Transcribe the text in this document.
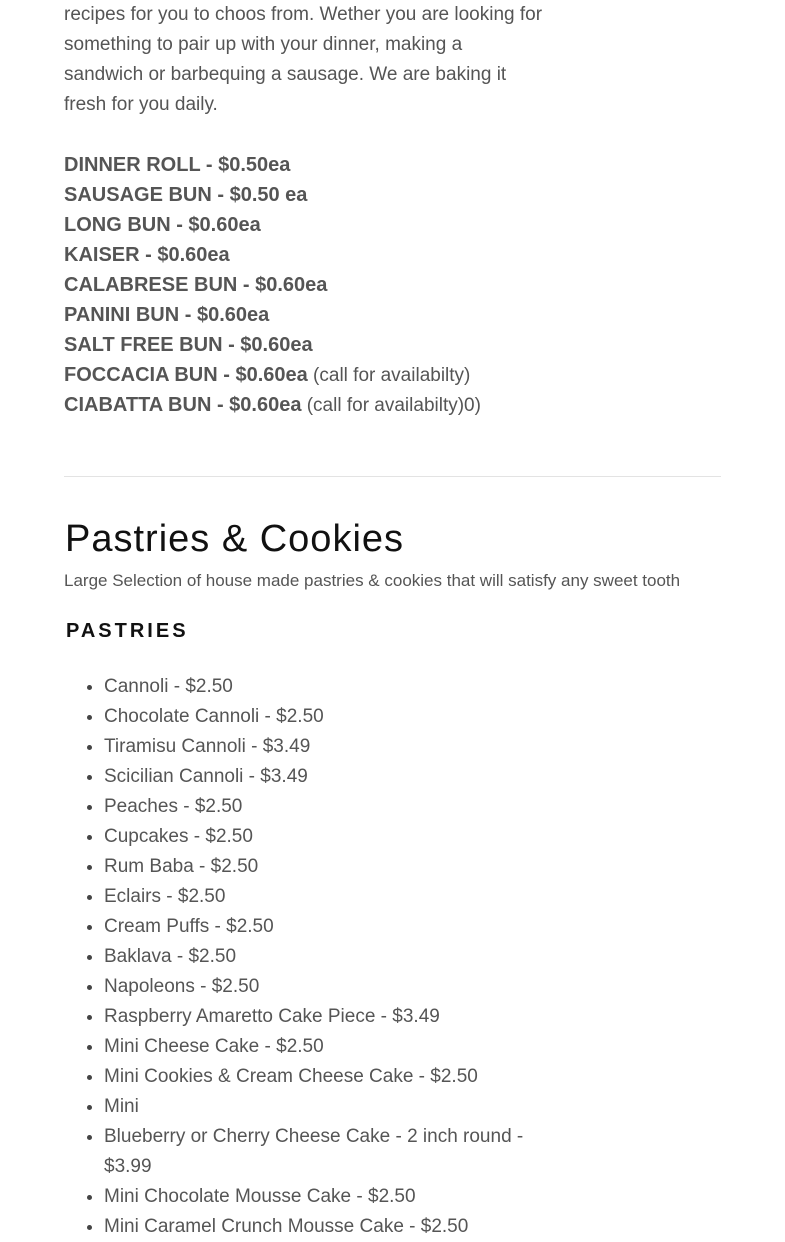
recipes for you to choos from. Wether you are looking for something to pair up with your dinner, making a sandwich or barbequing a sausage. We are baking it fresh for you daily.

DINNER ROLL - $0.50ea
SAUSAGE BUN - $0.50 ea
LONG BUN - $0.60ea
KAISER - $0.60ea
CALABRESE BUN - $0.60ea
PANINI BUN - $0.60ea
SALT FREE BUN - $0.60ea
FOCCACIA BUN - $0.60ea (call for availabilty)
CIABATTA BUN - $0.60ea (call for availabilty)0)
Pastries & Cookies

Large Selection of house made pastries & cookies that will satisfy any sweet tooth

PASTRIES
• Cannoli - $2.50
• Chocolate Cannoli - $2.50
• Tiramisu Cannoli - $3.49
• Scicilian Cannoli - $3.49
• Peaches - $2.50
• Cupcakes - $2.50
• Rum Baba - $2.50
• Eclairs - $2.50
• Cream Puffs - $2.50
• Baklava - $2.50
• Napoleons - $2.50
• Raspberry Amaretto Cake Piece - $3.49
• Mini Cheese Cake - $2.50
• Mini Cookies & Cream Cheese Cake - $2.50
• Mini
• Blueberry or Cherry Cheese Cake - 2 inch round - $3.99
• Mini Chocolate Mousse Cake - $2.50
• Mini Caramel Crunch Mousse Cake - $2.50
